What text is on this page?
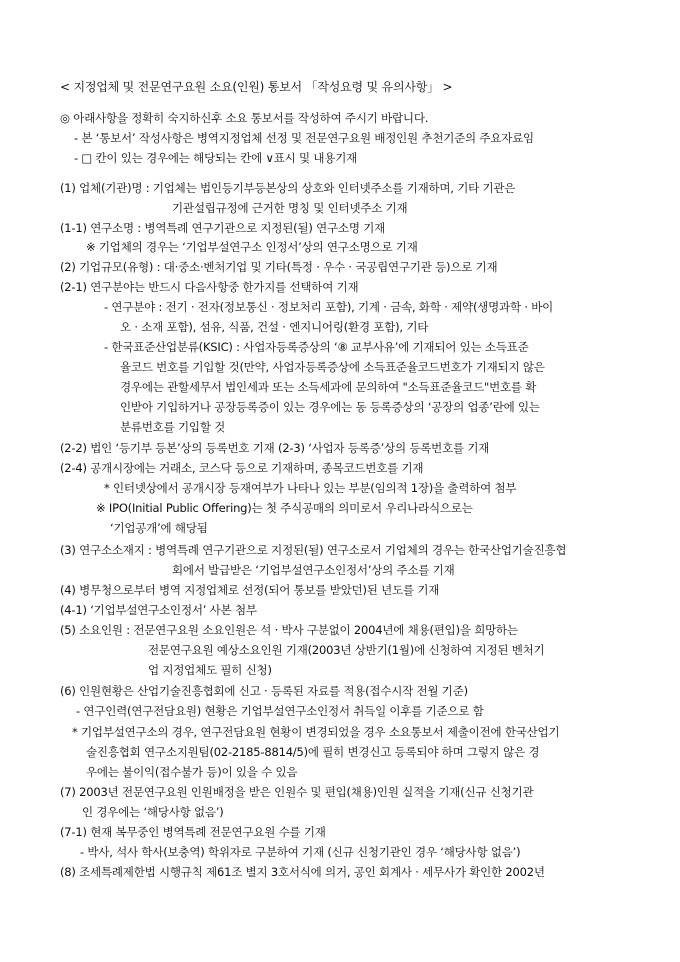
< 지정업체 및 전문연구요원 소요(인원) 통보서 「작성요령 및 유의사항」 >
◎ 아래사항을 정확히 숙지하신후 소요 통보서를 작성하여 주시기 바랍니다.
- 본 ‘통보서’ 작성사항은 병역지정업체 선정 및 전문연구요원 배정인원 추천기준의 주요자료임
- □ 칸이 있는 경우에는 해당되는 칸에 ∨표시 및 내용기재
(1) 업체(기관)명 : 기업체는 법인등기부등본상의 상호와 인터넷주소를 기재하며, 기타 기관은
기관설립규정에 근거한 명칭 및 인터넷주소 기재
(1-1) 연구소명 : 병역특례 연구기관으로 지정된(될) 연구소명 기재
※ 기업체의 경우는 ‘기업부설연구소 인정서’상의 연구소명으로 기재
(2) 기업규모(유형) : 대·중소·벤처기업 및 기타(특정 · 우수 · 국공립연구기관 등)으로 기재
(2-1) 연구분야는 반드시 다음사항중 한가지를 선택하여 기재
- 연구분야 : 전기 · 전자(정보통신 · 정보처리 포함), 기계 · 금속, 화학 · 제약(생명과학 · 바이
오 · 소재 포함), 섬유, 식품, 건설 · 엔지니어링(환경 포함), 기타
- 한국표준산업분류(KSIC) : 사업자등록증상의 ‘⑧ 교부사유’에 기재되어 있는 소득표준
율코드 번호를 기입할 것(만약, 사업자등록증상에 소득표준율코드번호가 기재되지 않은
경우에는 관할세무서 법인세과 또는 소득세과에 문의하여 "소득표준율코드"번호를 확
인받아 기입하거나 공장등록증이 있는 경우에는 동 등록증상의 ‘공장의 업종’란에 있는
분류번호를 기입할 것
(2-2) 법인 ‘등기부 등본’상의 등록번호 기재 (2-3) ‘사업자 등록증’상의 등록번호를 기재
(2-4) 공개시장에는 거래소, 코스닥 등으로 기재하며, 종목코드번호를 기재
* 인터넷상에서 공개시장 등재여부가 나타나 있는 부분(임의적 1장)을 출력하여 첨부
※ IPO(Initial Public Offering)는 첫 주식공매의 의미로서 우리나라식으로는
‘기업공개’에 해당됨
(3) 연구소소재지 : 병역특례 연구기관으로 지정된(될) 연구소로서 기업체의 경우는 한국산업기술진흥협
회에서 발급받은 ‘기업부설연구소인정서’상의 주소를 기재
(4) 병무청으로부터 병역 지정업체로 선정(되어 통보를 받았던)된 년도를 기재
(4-1) ‘기업부설연구소인정서’ 사본 첨부
(5) 소요인원 : 전문연구요원 소요인원은 석 · 박사 구분없이 2004년에 채용(편입)을 희망하는
전문연구요원 예상소요인원 기재(2003년 상반기(1월)에 신청하여 지정된 벤처기
업 지정업체도 필히 신청)
(6) 인원현황은 산업기술진흥협회에 신고 · 등록된 자료를 적용(접수시작 전월 기준)
- 연구인력(연구전담요원) 현황은 기업부설연구소인정서 취득일 이후를 기준으로 함
* 기업부설연구소의 경우, 연구전담요원 현황이 변경되었을 경우 소요통보서 제출이전에 한국산업기
술진흥협회 연구소지원팀(02-2185-8814/5)에 필히 변경신고 등록되야 하며 그렇지 않은 경
우에는 불이익(접수불가 등)이 있을 수 있음
(7) 2003년 전문연구요원 인원배정을 받은 인원수 및 편입(채용)인원 실적을 기재(신규 신청기관
인 경우에는 ‘해당사항 없음’)
(7-1) 현재 복무중인 병역특례 전문연구요원 수를 기재
- 박사, 석사 학사(보충역) 학위자로 구분하여 기재 (신규 신청기관인 경우 ‘해당사항 없음’)
(8) 조세특례제한법 시행규칙 제61조 별지 3호서식에 의거, 공인 회계사 · 세무사가 확인한 2002년
